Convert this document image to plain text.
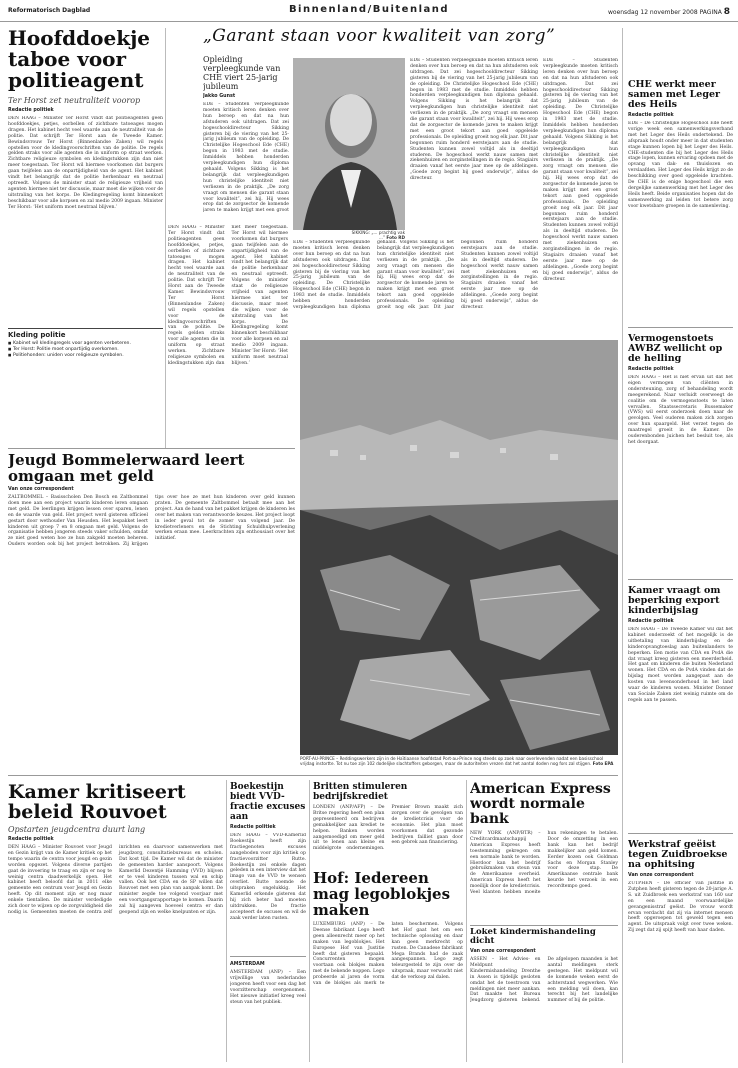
Reformatorisch Dagblad	Binnenland/Buitenland	woensdag 12 november 2008 PAGINA 8
Hoofddoekje taboe voor politieagent
Ter Horst zet neutraliteit voorop
Redactie politiek
DEN HAAG – Minister Ter Horst vindt dat politieagenten geen hoofddoekjes, petjes, oorbellen of zichtbare tatoeages mogen dragen. Het kabinet hecht veel waarde aan de neutraliteit van de politie. Dat schrijft Ter Horst aan de Tweede Kamer. Bewindsvrouw Ter Horst (Binnenlandse Zaken) wil regels opstellen voor de kledingvoorschriften van de politie. De regels gelden straks voor alle agenten die in uniform op straat werken. Zichtbare religieuze symbolen en kledingstukken zijn dan niet meer toegestaan. Ter Horst wil hiermee voorkomen dat burgers gaan twijfelen aan de onpartijdigheid van de agent. Het kabinet vindt het belangrijk dat de politie herkenbaar en neutraal optreedt. Volgens de minister staat de religieuze vrijheid van agenten hiermee niet ter discussie, maar moet die wijken voor de uitstraling van het korps. De Kledingregeling komt binnenkort beschikbaar voor alle korpsen en zal medio 2009 ingaan. Minister Ter Horst: ‘Het uniform moet neutraal blijven.’
Kleding politie
■ Kabinet wil kledingregels voor agenten verbeteren.
■ Ter Horst: Politie moet onpartijdig overkomen.
■ Politiehonden: uniden voor religieuze symbolen.
DEN HAAG – Minister Ter Horst vindt dat politieagenten geen hoofddoekjes, petjes, oorbellen of zichtbare tatoeages mogen dragen. Het kabinet hecht veel waarde aan de neutraliteit van de politie. Dat schrijft Ter Horst aan de Tweede Kamer. Bewindsvrouw Ter Horst (Binnenlandse Zaken) wil regels opstellen voor de kledingvoorschriften van de politie. De regels gelden straks voor alle agenten die in uniform op straat werken. Zichtbare religieuze symbolen en kledingstukken zijn dan niet meer toegestaan. Ter Horst wil hiermee voorkomen dat burgers gaan twijfelen aan de onpartijdigheid van de agent. Het kabinet vindt het belangrijk dat de politie herkenbaar en neutraal optreedt. Volgens de minister staat de religieuze vrijheid van agenten hiermee niet ter discussie, maar moet die wijken voor de uitstraling van het korps. De Kledingregeling komt binnenkort beschikbaar voor alle korpsen en zal medio 2009 ingaan. Minister Ter Horst: ‘Het uniform moet neutraal blijven.’
„Garant staan voor kwaliteit van zorg”
Opleiding verpleegkunde van CHE viert 25-jarig jubileum
Jakko Gunst
EDE – Studenten verpleegkunde moeten kritisch leren denken over hun beroep en dat na hun afstuderen ook uitdragen. Dat zei hogeschooldirecteur Sikking gisteren bij de viering van het 25-jarig jubileum van de opleiding. De Christelijke Hogeschool Ede (CHE) begon in 1983 met de studie. Inmiddels hebben honderden verpleegkundigen hun diploma gehaald. Volgens Sikking is het belangrijk dat verpleegkundigen hun christelijke identiteit niet verliezen in de praktijk. „De zorg vraagt om mensen die garant staan voor kwaliteit”, zei hij. Hij wees erop dat de zorgsector de komende jaren te maken krijgt met een groot
SIKKING: „... prachtig vak ...” Foto RD
EDE – Studenten verpleegkunde moeten kritisch leren denken over hun beroep en dat na hun afstuderen ook uitdragen. Dat zei hogeschooldirecteur Sikking gisteren bij de viering van het 25-jarig jubileum van de opleiding. De Christelijke Hogeschool Ede (CHE) begon in 1983 met de studie. Inmiddels hebben honderden verpleegkundigen hun diploma gehaald. Volgens Sikking is het belangrijk dat verpleegkundigen hun christelijke identiteit niet verliezen in de praktijk. „De zorg vraagt om mensen die garant staan voor kwaliteit”, zei hij. Hij wees erop dat de zorgsector de komende jaren te maken krijgt met een groot tekort aan goed opgeleide professionals. De opleiding groeit nog elk jaar. Dit jaar begonnen ruim honderd eerstejaars aan de studie. Studenten kunnen zowel voltijd als in deeltijd studeren. De hogeschool werkt nauw samen met ziekenhuizen en zorginstellingen in de regio. Stagiairs draaien vanaf het eerste jaar mee op de afdelingen. „Goede zorg begint bij goed onderwijs”, aldus de directeur.
EDE – Studenten verpleegkunde moeten kritisch leren denken over hun beroep en dat na hun afstuderen ook uitdragen. Dat zei hogeschooldirecteur Sikking gisteren bij de viering van het 25-jarig jubileum van de opleiding. De Christelijke Hogeschool Ede (CHE) begon in 1983 met de studie. Inmiddels hebben honderden verpleegkundigen hun diploma gehaald. Volgens Sikking is het belangrijk dat verpleegkundigen hun christelijke identiteit niet verliezen in de praktijk. „De zorg vraagt om mensen die garant staan voor kwaliteit”, zei hij. Hij wees erop dat de zorgsector de komende jaren te maken krijgt met een groot tekort aan goed opgeleide professionals. De opleiding groeit nog elk jaar. Dit jaar begonnen ruim honderd eerstejaars aan de studie. Studenten kunnen zowel voltijd als in deeltijd studeren. De hogeschool werkt nauw samen met ziekenhuizen en zorginstellingen in de regio. Stagiairs draaien vanaf het eerste jaar mee op de afdelingen. „Goede zorg begint bij goed onderwijs”, aldus de directeur.
EDE – Studenten verpleegkunde moeten kritisch leren denken over hun beroep en dat na hun afstuderen ook uitdragen. Dat zei hogeschooldirecteur Sikking gisteren bij de viering van het 25-jarig jubileum van de opleiding. De Christelijke Hogeschool Ede (CHE) begon in 1983 met de studie. Inmiddels hebben honderden verpleegkundigen hun diploma gehaald. Volgens Sikking is het belangrijk dat verpleegkundigen hun christelijke identiteit niet verliezen in de praktijk. „De zorg vraagt om mensen die garant staan voor kwaliteit”, zei hij. Hij wees erop dat de zorgsector de komende jaren te maken krijgt met een groot tekort aan goed opgeleide professionals. De opleiding groeit nog elk jaar. Dit jaar begonnen ruim honderd eerstejaars aan de studie. Studenten kunnen zowel voltijd als in deeltijd studeren. De hogeschool werkt nauw samen met ziekenhuizen en zorginstellingen in de regio. Stagiairs draaien vanaf het eerste jaar mee op de afdelingen. „Goede zorg begint bij goed onderwijs”, aldus de directeur.
CHE werkt meer samen met Leger des Heils
Redactie politiek
EDE – De Christelijke Hogeschool Ede heeft vorige week een samenwerkingsverband met het Leger des Heils ondertekend. De afspraak houdt onder meer in dat studenten stage kunnen lopen bij het Leger des Heils. CHE-studenten die bij het Leger des Heils stage lopen, kunnen ervaring opdoen met de opvang van dak- en thuislozen en verslaafden. Het Leger des Heils krijgt zo de beschikking over goed opgeleide krachten. De CHE is de enige hogeschool die een dergelijke samenwerking met het Leger des Heils heeft. Beide organisaties hopen dat de samenwerking zal leiden tot betere zorg voor kwetsbare groepen in de samenleving.
Vermogenstoets AWBZ wellicht op de helling
Redactie politiek
DEN HAAG – Het is niet ervan uit dat het eigen vermogen van cliënten in ondersteuning, zorg of behandeling wordt meegerekend. Naar verluidt overweegt de coalitie om de vermogenstoets te laten vervallen. Staatssecretaris Bussemaker (VWS) wil eerst onderzoek doen naar de gevolgen. Veel ouderen maken zich zorgen over hun spaargeld. Het verzet tegen de maatregel groeit in de Kamer. De ouderenbonden juichen het besluit toe, als het doorgaat.
Kamer vraagt om beperking export kinderbijslag
Redactie politiek
DEN HAAG – De Tweede Kamer wil dat het kabinet onderzoekt of het mogelijk is de uitbetaling van kinderbijslag en de kinderopvangtoeslag aan buitenlanders te beperken. Een motie van CDA en PvdA die dat vraagt kreeg gisteren een meerderheid. Het gaat om kinderen die buiten Nederland wonen. Het CDA en de PvdA vinden dat de bijslag moet worden aangepast aan de kosten van levensonderhoud in het land waar de kinderen wonen. Minister Donner van Sociale Zaken ziet weinig ruimte om de regels aan te passen.
Werkstraf geëist tegen Zuidbroekse na ophitsing
Van onze correspondent
ZUTPHEN – De officier van justitie in Zutphen heeft gisteren tegen de 20-jarige A. S. uit Zuidbroek een werkstraf van 160 uur en een maand voorwaardelijke gevangenisstraf geëist. De vrouw wordt ervan verdacht dat zij via internet mensen heeft opgeroepen tot geweld tegen een agent. De uitspraak volgt over twee weken. Zij zegt dat zij spijt heeft van haar daden.
Jeugd Bommelerwaard leert omgaan met geld
Van onze correspondent
ZALTBOMMEL – Basisscholen Den Bosch en Zaltbommel doen mee aan een project waarin kinderen leren omgaan met geld. De leerlingen krijgen lessen over sparen, lenen en de waarde van geld. Het project werd gisteren officieel gestart door wethouder Van Heusden. Het lespakket leert kinderen uit groep 7 en 8 omgaan met geld. Volgens de organisatie hebben jongeren steeds vaker schulden, omdat ze niet goed weten hoe ze hun zakgeld moeten beheren. Ouders worden ook bij het project betrokken. Zij krijgen tips over hoe ze met hun kinderen over geld kunnen praten. De gemeente Zaltbommel betaalt mee aan het project. Aan de hand van het pakket krijgen de kinderen les over het maken van verantwoorde keuzes. Het project loopt in ieder geval tot de zomer van volgend jaar. De kredietverleners en de Stichting Schuldhulpverlening werken eraan mee. Leerkrachten zijn enthousiast over het initiatief.
PORT-AU-PRINCE – Reddingswerkers zijn in de Haïtiaanse hoofdstad Port-au-Prince nog steeds op zoek naar overlevenden nadat een basisschool vrijdag instortte. Tot nu toe zijn 102 dodelijke slachtoffers geborgen, maar de autoriteiten vrezen dat het aantal doden nog fors zal stijgen. Foto EPA
Kamer kritiseert beleid Rouvoet
Opstarten jeugdcentra duurt lang
Redactie politiek
DEN HAAG – Minister Rouvoet voor Jeugd en Gezin krijgt van de Kamer kritiek op het tempo waarin de centra voor jeugd en gezin worden opgezet. Volgens diverse partijen gaat de invoering te traag en zijn er nog te weinig centra daadwerkelijk open. Het kabinet heeft beloofd dat in 2011 elke gemeente een centrum voor Jeugd en Gezin heeft. Op dit moment zijn er nog maar enkele tientallen. De minister verdedigde zich door te wijzen op de zorgvuldigheid die nodig is. Gemeenten moeten de centra zelf inrichten en daarvoor samenwerken met jeugdzorg, consultatiebureaus en scholen. Dat kost tijd. De Kamer wil dat de minister de gemeenten harder aanspoort. Volgens Kamerlid Dezentjé Hamming (VVD) blijven er te veel kinderen tussen wal en schip vallen. Ook het CDA en de SP willen dat Rouvoet met een plan van aanpak komt. De minister zegde toe volgend voorjaar met een voortgangsrapportage te komen. Daarin zal hij aangeven hoeveel centra er dan geopend zijn en welke knelpunten er zijn.
Boekestijn biedt VVD-fractie excuses aan
Redactie politiek
DEN HAAG – VVD-Kamerlid Boekestijn heeft zijn fractiegenoten excuses aangeboden voor zijn kritiek op fractievoorzitter Rutte. Boekestijn zei enkele dagen geleden in een interview dat het imago van de VVD te wensen overliet. Rutte noemde de uitspraken ongelukkig. Het Kamerlid erkende gisteren dat hij zich beter had moeten uitdrukken. De fractie accepteert de excuses en wil de zaak verder laten rusten.
AMSTERDAM
AMSTERDAM (ANP) – Een vrijwillige van nederlandse jongeren heeft voor een dag het voorzitterschap overgenomen. Het nieuwe initiatief kreeg veel steun van het publiek.
Britten stimuleren bedrijfskrediet
LONDEN (ANP/AFP) – De Britse regering heeft een plan gepresenteerd om bedrijven gemakkelijker aan krediet te helpen. Banken worden aangemoedigd om meer geld uit te lenen aan kleine en middelgrote ondernemingen. Premier Brown maakt zich zorgen over de gevolgen van de kredietcrisis voor de economie. Het plan moet voorkomen dat gezonde bedrijven failliet gaan door een gebrek aan financiering.
Hof: Iedereen mag legoblokjes maken
LUXEMBURG (ANP) – De Deense fabrikant Lego heeft geen alleenrecht meer op het maken van legoblokjes. Het Europese Hof van Justitie heeft dat gisteren bepaald. Concurrenten mogen voortaan ook blokjes maken met de bekende noppen. Lego probeerde al jaren de vorm van de blokjes als merk te laten beschermen. Volgens het Hof gaat het om een technische oplossing en daar kan geen merkrecht op rusten. De Canadese fabrikant Mega Brands had de zaak aangespannen. Lego zegt teleurgesteld te zijn over de uitspraak, maar verwacht niet dat de verkoop zal dalen.
American Express wordt normale bank
NEW YORK (ANP/BTR) – Creditcardmaatschappij American Express heeft toestemming gekregen om een normale bank te worden. Hierdoor kan het bedrijf gebruikmaken van steun van de Amerikaanse overheid. American Express heeft het moeilijk door de kredietcrisis. Veel klanten hebben moeite hun rekeningen te betalen. Door de omzetting in een bank kan het bedrijf makkelijker aan geld komen. Eerder kozen ook Goldman Sachs en Morgan Stanley voor deze stap. De Amerikaanse centrale bank keurde het verzoek in een recordtempo goed.
Loket kindermishandeling dicht
Van onze correspondent
ASSEN – Het Advies- en Meldpunt Kindermishandeling Drenthe in Assen is tijdelijk gesloten omdat het de toestroom van meldingen niet meer aankan. Dat maakte het Bureau Jeugdzorg gisteren bekend. De afgelopen maanden is het aantal meldingen sterk gestegen. Het meldpunt wil de komende weken eerst de achterstand wegwerken. Wie een melding wil doen, kan terecht bij het landelijke nummer of bij de politie.
